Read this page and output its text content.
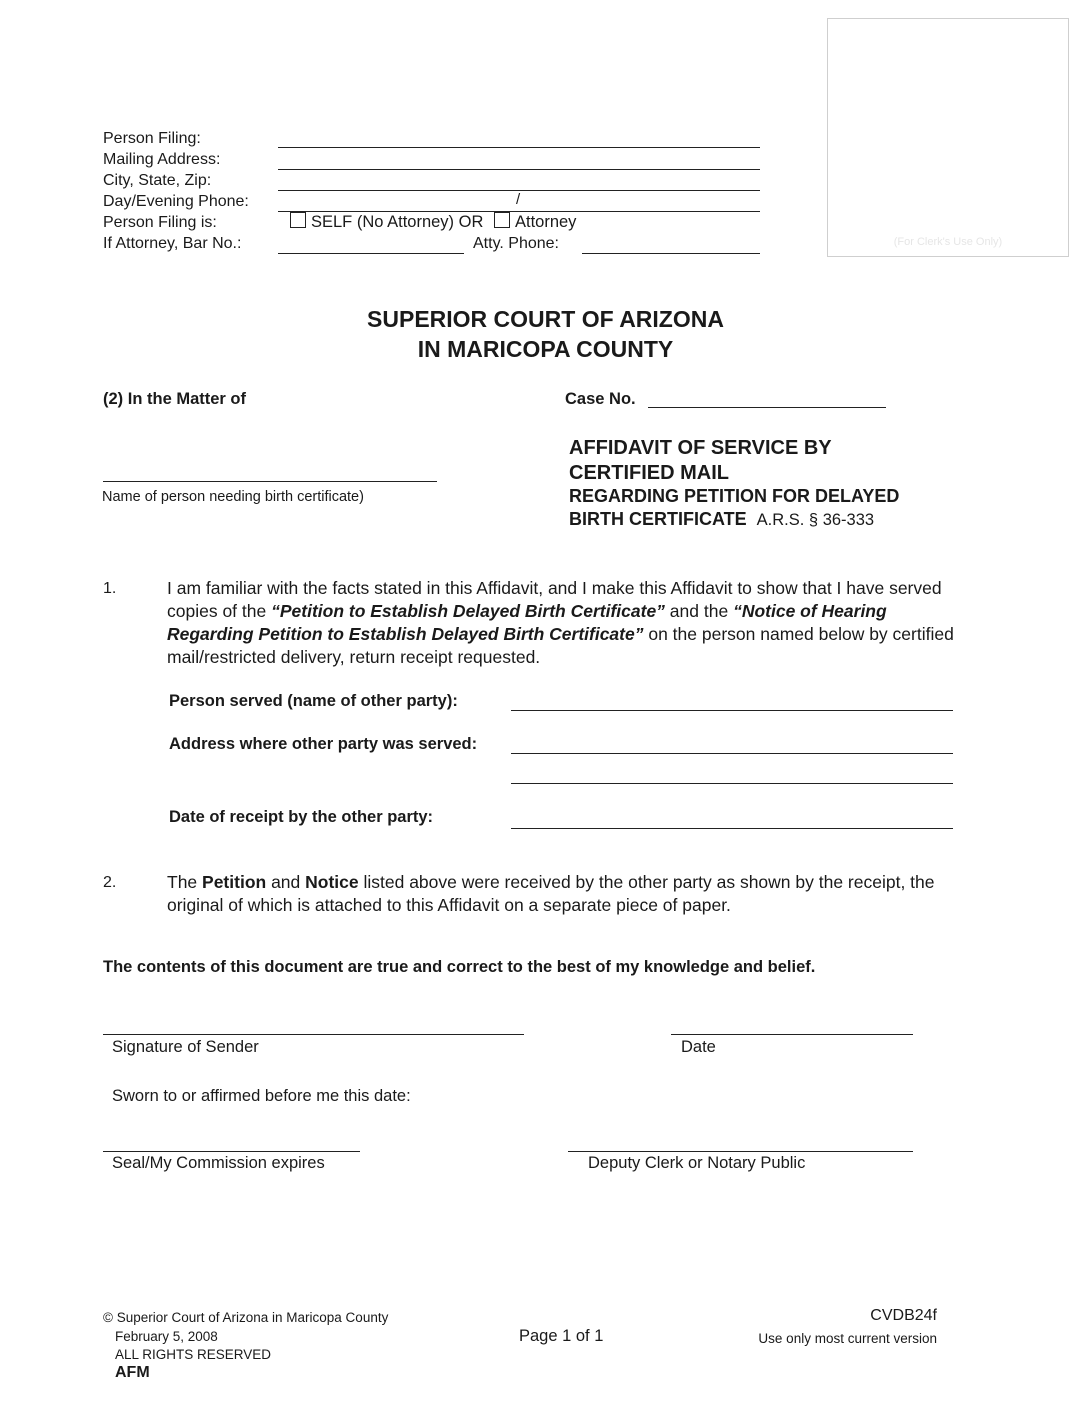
Person Filing:
Mailing Address:
City, State, Zip:
Day/Evening Phone:	/
Person Filing is:	SELF (No Attorney) OR Attorney
If Attorney, Bar No.:	Atty. Phone:	(For Clerk's Use Only)
SUPERIOR COURT OF ARIZONA
IN MARICOPA COUNTY
(2) In the Matter of
Name of person needing birth certificate)
Case No.
AFFIDAVIT OF SERVICE BY
CERTIFIED MAIL
REGARDING PETITION FOR DELAYED
BIRTH CERTIFICATE A.R.S. § 36-333
1.	I am familiar with the facts stated in this Affidavit, and I make this Affidavit to show that I have served copies of the “Petition to Establish Delayed Birth Certificate” and the “Notice of Hearing Regarding Petition to Establish Delayed Birth Certificate” on the person named below by certified mail/restricted delivery, return receipt requested.
Person served (name of other party):
Address where other party was served:
Date of receipt by the other party:
2.	The Petition and Notice listed above were received by the other party as shown by the receipt, the original of which is attached to this Affidavit on a separate piece of paper.
The contents of this document are true and correct to the best of my knowledge and belief.
Signature of Sender	Date
Sworn to or affirmed before me this date:
Seal/My Commission expires	Deputy Clerk or Notary Public
© Superior Court of Arizona in Maricopa County
February 5, 2008
ALL RIGHTS RESERVED
AFM
Page 1 of 1
CVDB24f
Use only most current version
